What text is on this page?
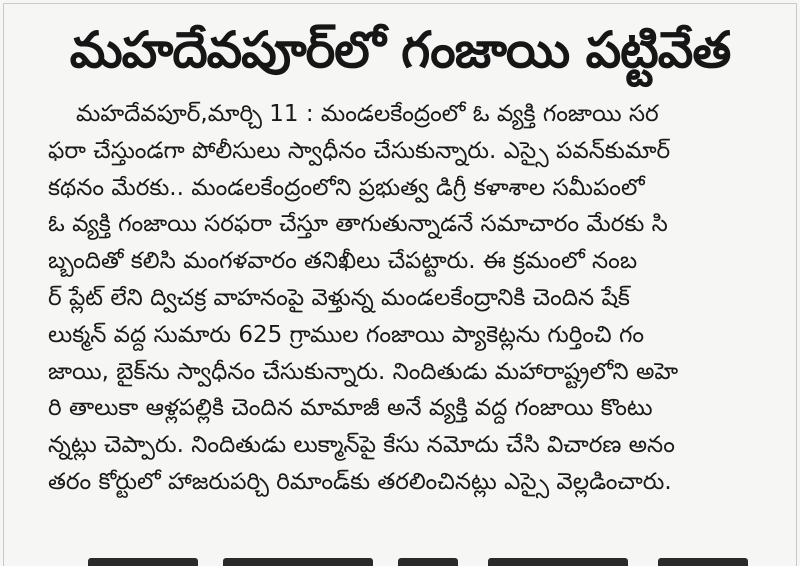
మహదేవపూర్‌లో గంజాయి పట్టివేత
మహదేవపూర్,మార్చి 11 : మండలకేంద్రంలో ఓ వ్యక్తి గంజాయి సర
ఫరా చేస్తుండగా పోలీసులు స్వాధీనం చేసుకున్నారు. ఎస్సై పవన్‌కుమార్
కథనం మేరకు.. మండలకేంద్రంలోని ప్రభుత్వ డిగ్రీ కళాశాల సమీపంలో
ఓ వ్యక్తి గంజాయి సరఫరా చేస్తూ తాగుతున్నాడనే సమాచారం మేరకు సి
బ్బందితో కలిసి మంగళవారం తనిఖీలు చేపట్టారు. ఈ క్రమంలో నంబ
ర్ ప్లేట్ లేని ద్విచక్ర వాహనంపై వెళ్తున్న మండలకేంద్రానికి చెందిన షేక్
లుక్మన్ వద్ద సుమారు 625 గ్రాముల గంజాయి ప్యాకెట్లను గుర్తించి గం
జాయి, బైక్‌ను స్వాధీనం చేసుకున్నారు. నిందితుడు మహారాష్ట్రలోని అహె
రి తాలుకా ఆళ్లపల్లికి చెందిన మామాజీ అనే వ్యక్తి వద్ద గంజాయి కొంటు
న్నట్లు చెప్పారు. నిందితుడు లుక్మాన్‌పై కేసు నమోదు చేసి విచారణ అనం
తరం కోర్టులో హాజరుపర్చి రిమాండ్‌కు తరలించినట్లు ఎస్సై వెల్లడించారు.
